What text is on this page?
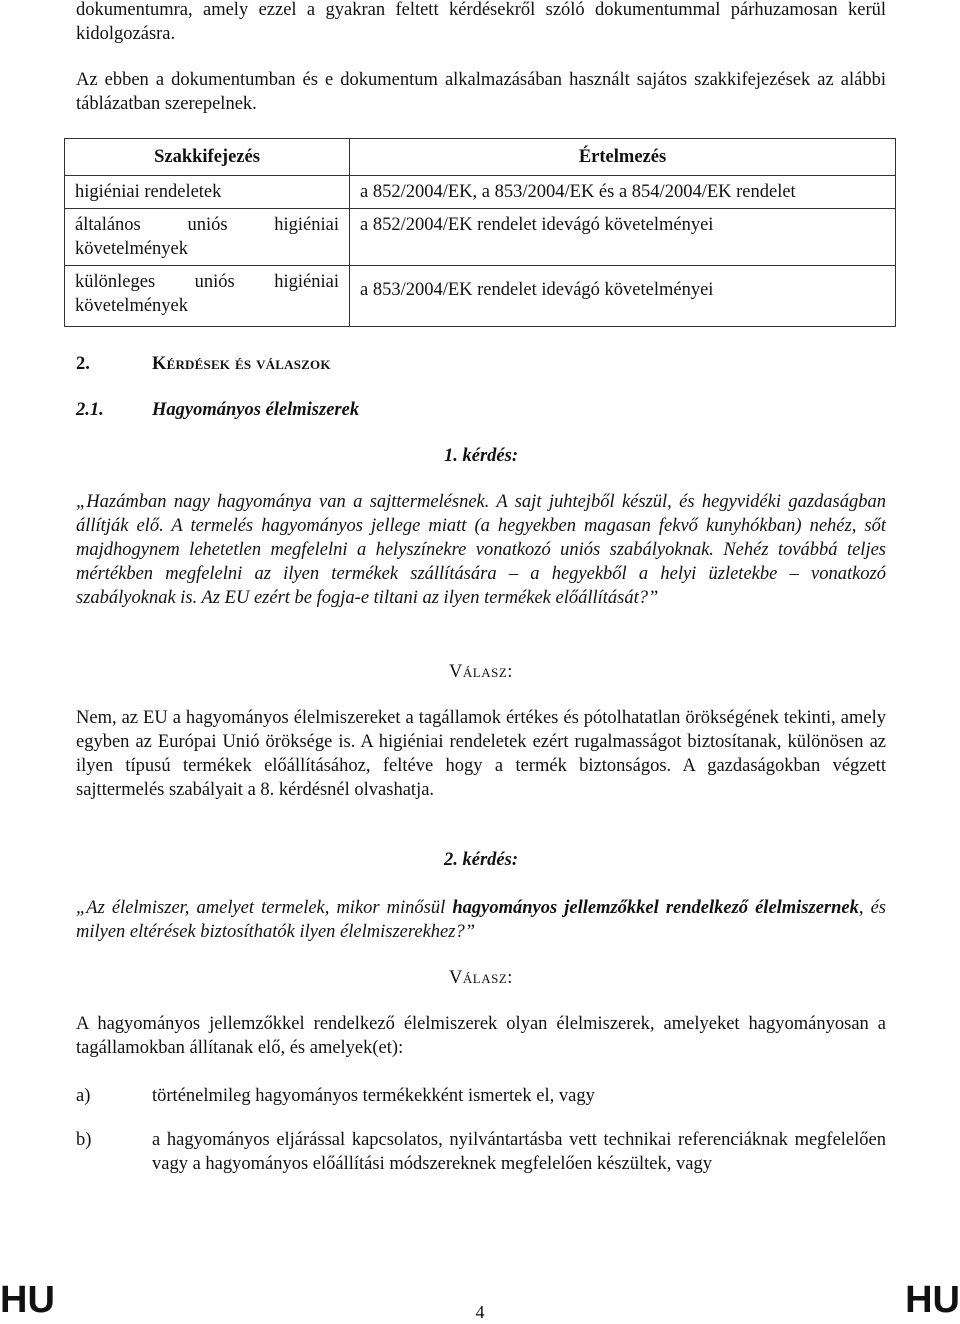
dokumentumra, amely ezzel a gyakran feltett kérdésekről szóló dokumentummal párhuzamosan kerül kidolgozásra.

Az ebben a dokumentumban és e dokumentum alkalmazásában használt sajátos szakkifejezések az alábbi táblázatban szerepelnek.

Szakkifejezés	Értelmezés
higiéniai rendeletek	a 852/2004/EK, a 853/2004/EK és a 854/2004/EK rendelet
általános uniós higiéniai követelmények	a 852/2004/EK rendelet idevágó követelményei
különleges uniós higiéniai követelmények	a 853/2004/EK rendelet idevágó követelményei
2.	Kérdések és válaszok
2.1.	Hagyományos élelmiszerek
1. kérdés:

„Hazámban nagy hagyománya van a sajttermelésnek. A sajt juhtejből készül, és hegyvidéki gazdaságban állítják elő. A termelés hagyományos jellege miatt (a hegyekben magasan fekvő kunyhókban) nehéz, sőt majdhogynem lehetetlen megfelelni a helyszínekre vonatkozó uniós szabályoknak. Nehéz továbbá teljes mértékben megfelelni az ilyen termékek szállítására – a hegyekből a helyi üzletekbe – vonatkozó szabályoknak is. Az EU ezért be fogja-e tiltani az ilyen termékek előállítását?”

Válasz:

Nem, az EU a hagyományos élelmiszereket a tagállamok értékes és pótolhatatlan örökségének tekinti, amely egyben az Európai Unió öröksége is. A higiéniai rendeletek ezért rugalmasságot biztosítanak, különösen az ilyen típusú termékek előállításához, feltéve hogy a termék biztonságos. A gazdaságokban végzett sajttermelés szabályait a 8. kérdésnél olvashatja.

2. kérdés:

„Az élelmiszer, amelyet termelek, mikor minősül hagyományos jellemzőkkel rendelkező élelmiszernek, és milyen eltérések biztosíthatók ilyen élelmiszerekhez?”

Válasz:

A hagyományos jellemzőkkel rendelkező élelmiszerek olyan élelmiszerek, amelyeket hagyományosan a tagállamokban állítanak elő, és amelyek(et):

a)	történelmileg hagyományos termékekként ismertek el, vagy

b)	a hagyományos eljárással kapcsolatos, nyilvántartásba vett technikai referenciáknak megfelelően vagy a hagyományos előállítási módszereknek megfelelően készültek, vagy

HU	4	HU
